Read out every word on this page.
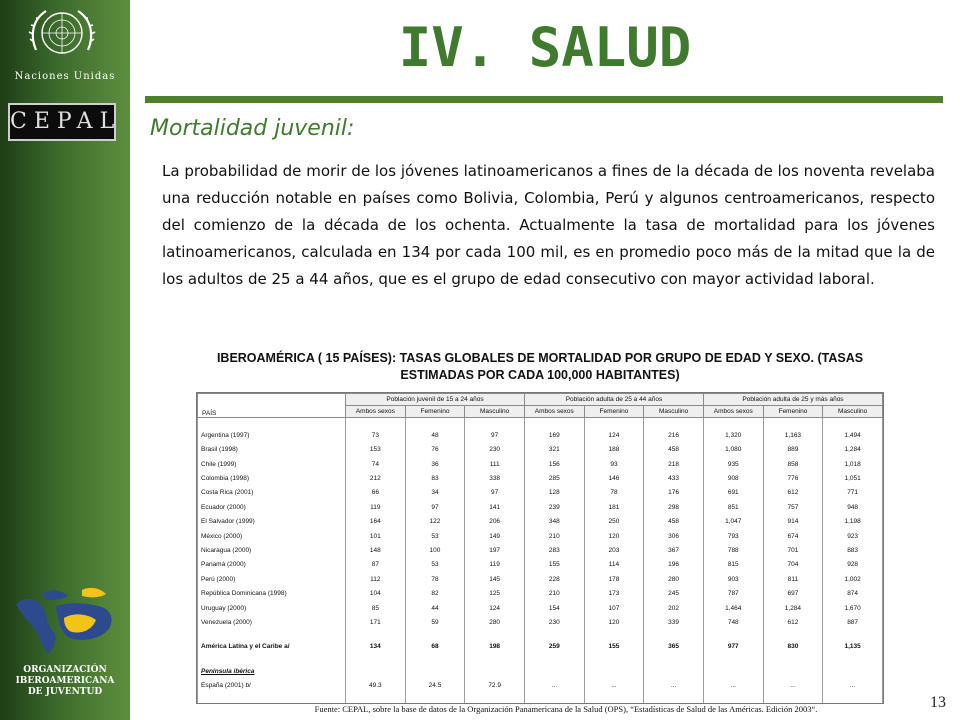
Naciones Unidas
CEPAL
ORGANIZACIÓN
IBEROAMERICANA
DE JUVENTUD
IV. SALUD
Mortalidad juvenil:

La probabilidad de morir de los jóvenes latinoamericanos a fines de la década de los noventa revelaba una reducción notable en países como Bolivia, Colombia, Perú y algunos centroamericanos, respecto del comienzo de la década de los ochenta. Actualmente la tasa de mortalidad para los jóvenes latinoamericanos, calculada en 134 por cada 100 mil, es en promedio poco más de la mitad que la de los adultos de 25 a 44 años, que es el grupo de edad consecutivo con mayor actividad laboral.

IBEROAMÉRICA ( 15 PAÍSES): TASAS GLOBALES DE MORTALIDAD POR GRUPO DE EDAD Y SEXO. (TASAS ESTIMADAS POR CADA 100,000 HABITANTES)

PAÍS	Población juvenil de 15 a 24 años			Población adulta de 25 a 44 años			Población adulta de 25 y más años		
	Ambos sexos	Femenino	Masculino	Ambos sexos	Femenino	Masculino	Ambos sexos	Femenino	Masculino

Argentina (1997)	73	48	97	169	124	216	1,320	1,163	1,494
Brasil (1998)	153	76	230	321	188	458	1,080	889	1,284
Chile (1999)	74	36	111	156	93	218	935	858	1,018
Colombia (1998)	212	83	338	285	146	433	908	776	1,051
Costa Rica (2001)	66	34	97	128	78	176	691	612	771
Ecuador (2000)	119	97	141	239	181	298	851	757	948
El Salvador (1999)	164	122	206	348	250	458	1,047	914	1,198
México (2000)	101	53	149	210	120	306	793	674	923
Nicaragua (2000)	148	100	197	283	203	367	788	701	883
Panamá (2000)	87	53	119	155	114	196	815	704	928
Perú (2000)	112	78	145	228	178	280	903	811	1,002
República Dominicana (1998)	104	82	125	210	173	245	787	697	874
Uruguay (2000)	85	44	124	154	107	202	1,464	1,284	1,670
Venezuela (2000)	171	59	280	230	120	339	748	612	887

América Latina y el Caribe a/	134	68	198	259	155	365	977	830	1,135

Península ibérica									
España (2001) b/	49.3	24.5	72.9	...	...	...	...	...	...

Fuente: CEPAL, sobre la base de datos de la Organización Panamericana de la Salud (OPS), “Estadísticas de Salud de las Américas. Edición 2003“.	13
